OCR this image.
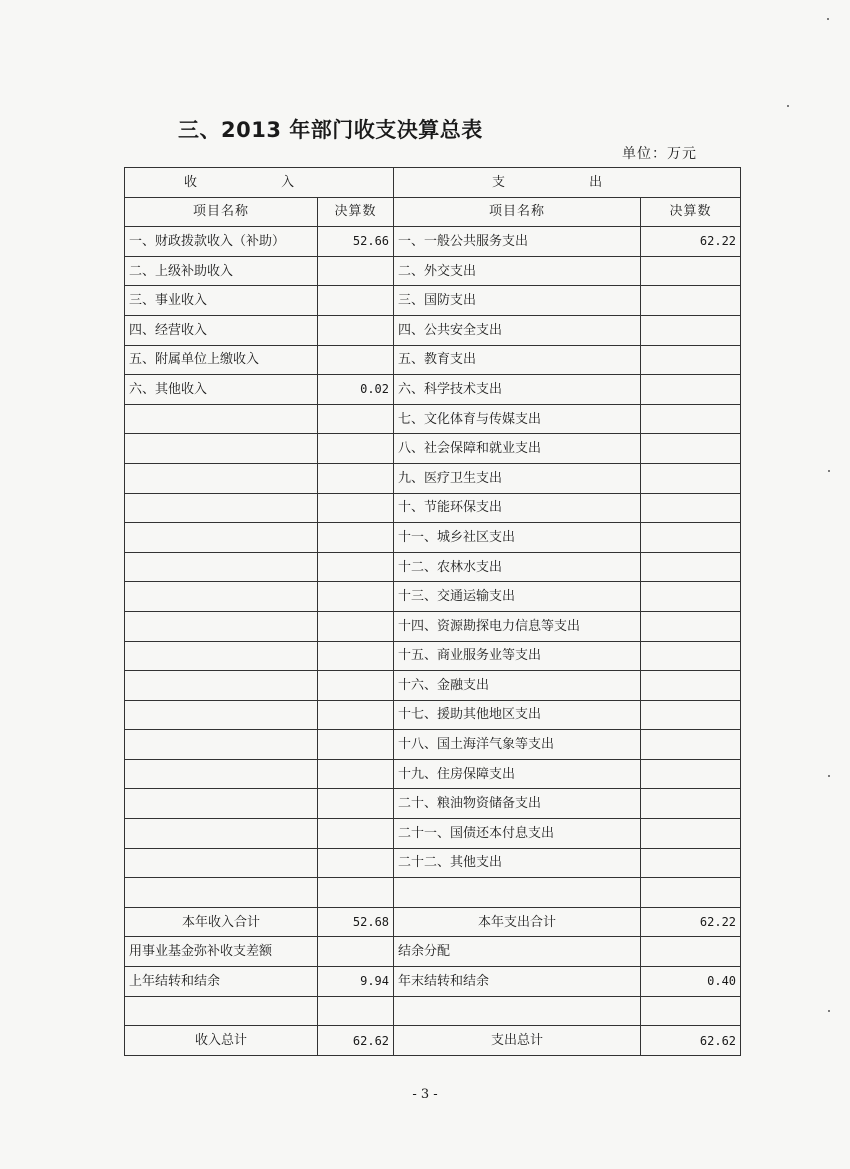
三、2013 年部门收支决算总表
单位：万元
收 入		支 出	
项目名称	决算数	项目名称	决算数
一、财政拨款收入（补助）	52.66	一、一般公共服务支出	62.22
二、上级补助收入		二、外交支出	
三、事业收入		三、国防支出	
四、经营收入		四、公共安全支出	
五、附属单位上缴收入		五、教育支出	
六、其他收入	0.02	六、科学技术支出	
		七、文化体育与传媒支出	
		八、社会保障和就业支出	
		九、医疗卫生支出	
		十、节能环保支出	
		十一、城乡社区支出	
		十二、农林水支出	
		十三、交通运输支出	
		十四、资源勘探电力信息等支出	
		十五、商业服务业等支出	
		十六、金融支出	
		十七、援助其他地区支出	
		十八、国土海洋气象等支出	
		十九、住房保障支出	
		二十、粮油物资储备支出	
		二十一、国债还本付息支出	
		二十二、其他支出	

本年收入合计	52.68	本年支出合计	62.22
用事业基金弥补收支差额		结余分配	
上年结转和结余	9.94	年末结转和结余	0.40

收入总计	62.62	支出总计	62.62
- 3 -
